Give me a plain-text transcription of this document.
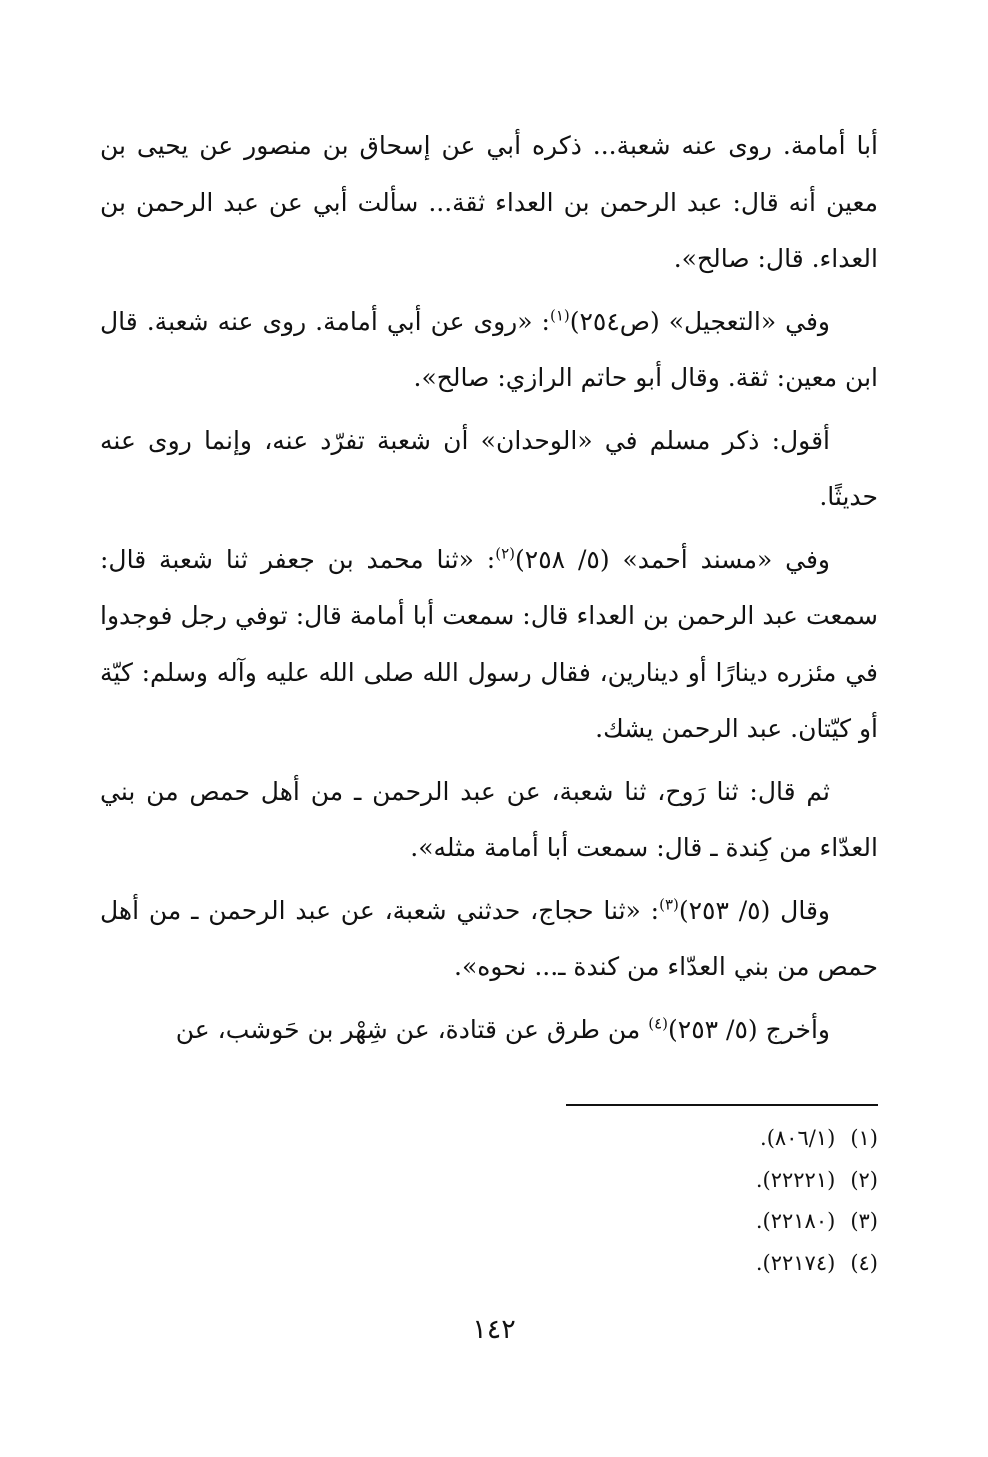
أبا أمامة. روى عنه شعبة... ذكره أبي عن إسحاق بن منصور عن يحيى بن معين أنه قال: عبد الرحمن بن العداء ثقة... سألت أبي عن عبد الرحمن بن العداء. قال: صالح».

وفي «التعجيل» (ص٢٥٤)$^{(١)}$: «روى عن أبي أمامة. روى عنه شعبة. قال ابن معين: ثقة. وقال أبو حاتم الرازي: صالح».

أقول: ذكر مسلم في «الوحدان» أن شعبة تفرّد عنه، وإنما روى عنه حديثًا.

وفي «مسند أحمد» (٥/ ٢٥٨)$^{(٢)}$: «ثنا محمد بن جعفر ثنا شعبة قال: سمعت عبد الرحمن بن العداء قال: سمعت أبا أمامة قال: توفي رجل فوجدوا في مئزره دينارًا أو دينارين، فقال رسول الله صلى الله عليه وآله وسلم: كيّة أو كيّتان. عبد الرحمن يشك.

ثم قال: ثنا رَوح، ثنا شعبة، عن عبد الرحمن ـ من أهل حمص من بني العدّاء من كِندة ـ قال: سمعت أبا أمامة مثله».

وقال (٥/ ٢٥٣)$^{(٣)}$: «ثنا حجاج، حدثني شعبة، عن عبد الرحمن ـ من أهل حمص من بني العدّاء من كندة ـ... نحوه».

وأخرج (٥/ ٢٥٣)$^{(٤)}$ من طرق عن قتادة، عن شِهْر بن حَوشب، عن

(١) (٨٠٦/١).
(٢) (٢٢٢٢١).
(٣) (٢٢١٨٠).
(٤) (٢٢١٧٤).
١٤٢
